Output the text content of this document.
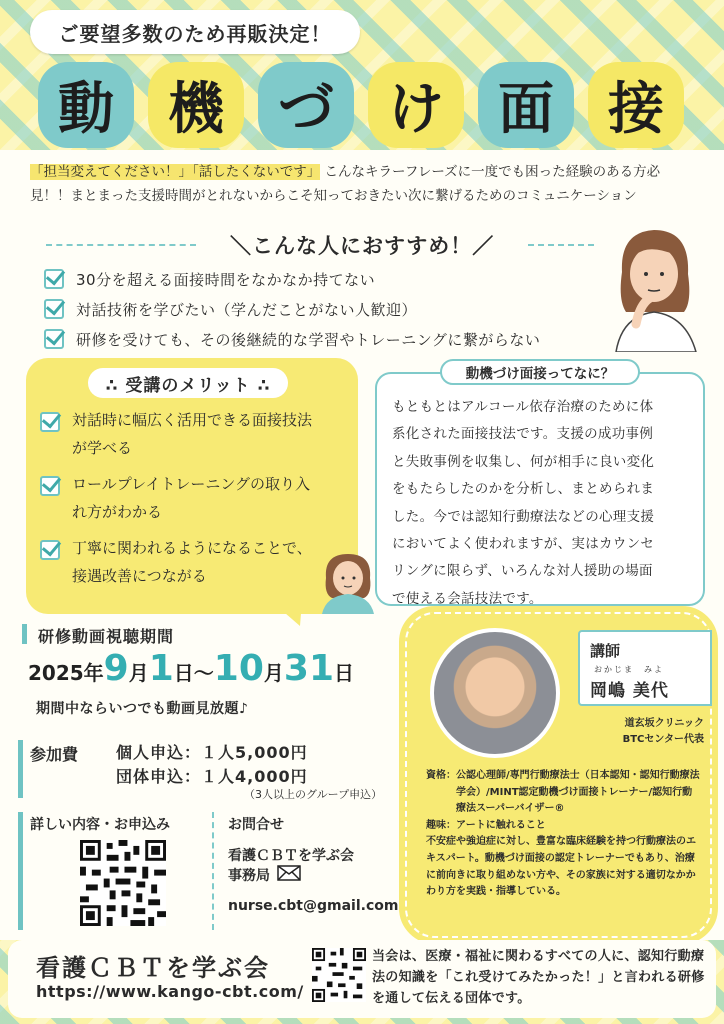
ご要望多数のため再販決定！
動 機 づ け 面 接
「担当変えてください！」「話したくないです」 こんなキラーフレーズに一度でも困った経験のある方必見！！まとまった支援時間がとれないからこそ知っておきたい次に繋げるためのコミュニケーション
＼こんな人におすすめ！／
30分を超える面接時間をなかなか持てない
対話技術を学びたい（学んだことがない人歓迎）
研修を受けても、その後継続的な学習やトレーニングに繋がらない
∴ 受講のメリット ∴
対話時に幅広く活用できる面接技法
が学べる
ロールプレイトレーニングの取り入
れ方がわかる
丁寧に関われるようになることで、
接遇改善につながる
動機づけ面接ってなに？
もともとはアルコール依存治療のために体
系化された面接技法です。支援の成功事例
と失敗事例を収集し、何が相手に良い変化
をもたらしたのかを分析し、まとめられま
した。今では認知行動療法などの心理支援
においてよく使われますが、実はカウンセ
リングに限らず、いろんな対人援助の場面
で使える会話技法です。
研修動画視聴期間
2025年 9 月 1 日 〜 10 月 31 日
期間中ならいつでも動画見放題♪
参加費 個人申込：１人5,000円
団体申込：１人4,000円
（3人以上のグループ申込）
詳しい内容・お申込み	お問合せ
看護ＣＢＴを学ぶ会
事務局
nurse.cbt@gmail.com
講師
おかじま　みよ
岡嶋 美代
道玄坂クリニック
BTCセンター代表
資格： 公認心理師/専門行動療法士（日本認知・認知行動療法学会）/MINT認定動機づけ面接トレーナー/認知行動療法スーパーバイザー®
趣味： アートに触れること
不安症や強迫症に対し、豊富な臨床経験を持つ行動療法のエキスパート。動機づけ面接の認定トレーナーでもあり、治療に前向きに取り組めない方や、その家族に対する適切なかかわり方を実践・指導している。
看護ＣＢＴを学ぶ会
https://www.kango-cbt.com/
当会は、医療・福祉に関わるすべての人に、認知行動療法の知識を「これ受けてみたかった！」と言われる研修を通して伝える団体です。
